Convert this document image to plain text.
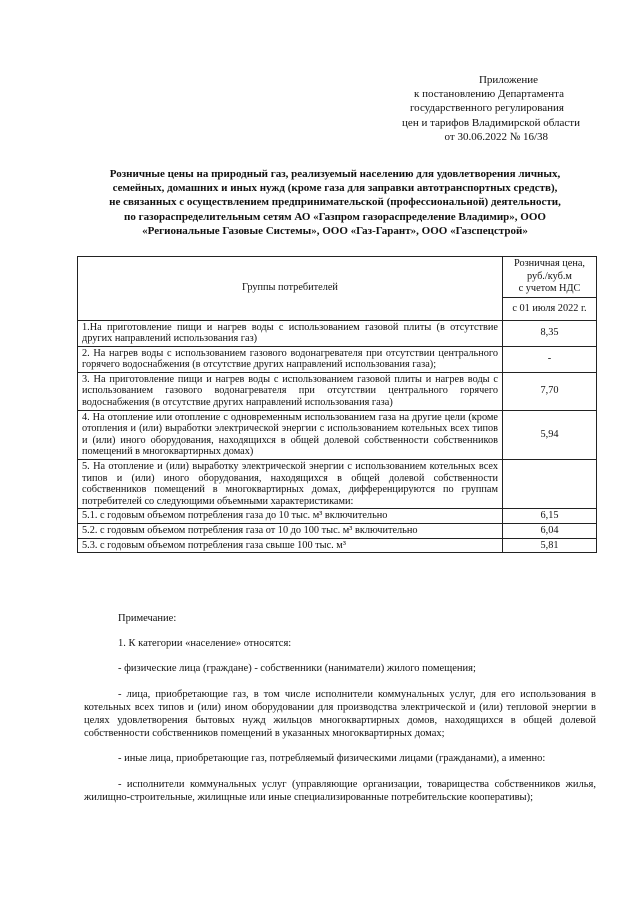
Приложение
к постановлению Департамента
государственного регулирования
цен и тарифов Владимирской области
от 30.06.2022 № 16/38
Розничные цены на природный газ, реализуемый населению для удовлетворения личных,
семейных, домашних и иных нужд (кроме газа для заправки автотранспортных средств),
не связанных с осуществлением предпринимательской (профессиональной) деятельности,
по газораспределительным сетям АО «Газпром газораспределение Владимир», ООО
«Региональные Газовые Системы», ООО «Газ-Гарант», ООО «Газспецстрой»
Группы потребителей	Розничная цена,
руб./куб.м
с учетом НДС

	с 01 июля 2022 г.
1.На приготовление пищи и нагрев воды с использованием газовой плиты (в отсутствие других направлений использования газ)	8,35
2. На нагрев воды с использованием газового водонагревателя при отсутствии центрального горячего водоснабжения (в отсутствие других направлений использования газа);	-
3. На приготовление пищи и нагрев воды с использованием газовой плиты и нагрев воды с использованием газового водонагревателя при отсутствии центрального горячего водоснабжения (в отсутствие других направлений использования газа)	7,70
4. На отопление или отопление с одновременным использованием газа на другие цели (кроме отопления и (или) выработки электрической энергии с использованием котельных всех типов и (или) иного оборудования, находящихся в общей долевой собственности собственников помещений в многоквартирных домах)	5,94
5. На отопление и (или) выработку электрической энергии с использованием котельных всех типов и (или) иного оборудования, находящихся в общей долевой собственности собственников помещений в многоквартирных домах, дифференцируются по группам потребителей со следующими объемными характеристиками:	
5.1. с годовым объемом потребления газа до 10 тыс. м³ включительно	6,15
5.2. с годовым объемом потребления газа от 10 до 100 тыс. м³ включительно	6,04
5.3. с годовым объемом потребления газа свыше 100 тыс. м³	5,81

Примечание:

1. К категории «население» относятся:

- физические лица (граждане) - собственники (наниматели) жилого помещения;

- лица, приобретающие газ, в том числе исполнители коммунальных услуг, для его использования в котельных всех типов и (или) ином оборудовании для производства электрической и (или) тепловой энергии в целях удовлетворения бытовых нужд жильцов многоквартирных домов, находящихся в общей долевой собственности собственников помещений в указанных многоквартирных домах;

- иные лица, приобретающие газ, потребляемый физическими лицами (гражданами), а именно:

- исполнители коммунальных услуг (управляющие организации, товарищества собственников жилья, жилищно-строительные, жилищные или иные специализированные потребительские кооперативы);
